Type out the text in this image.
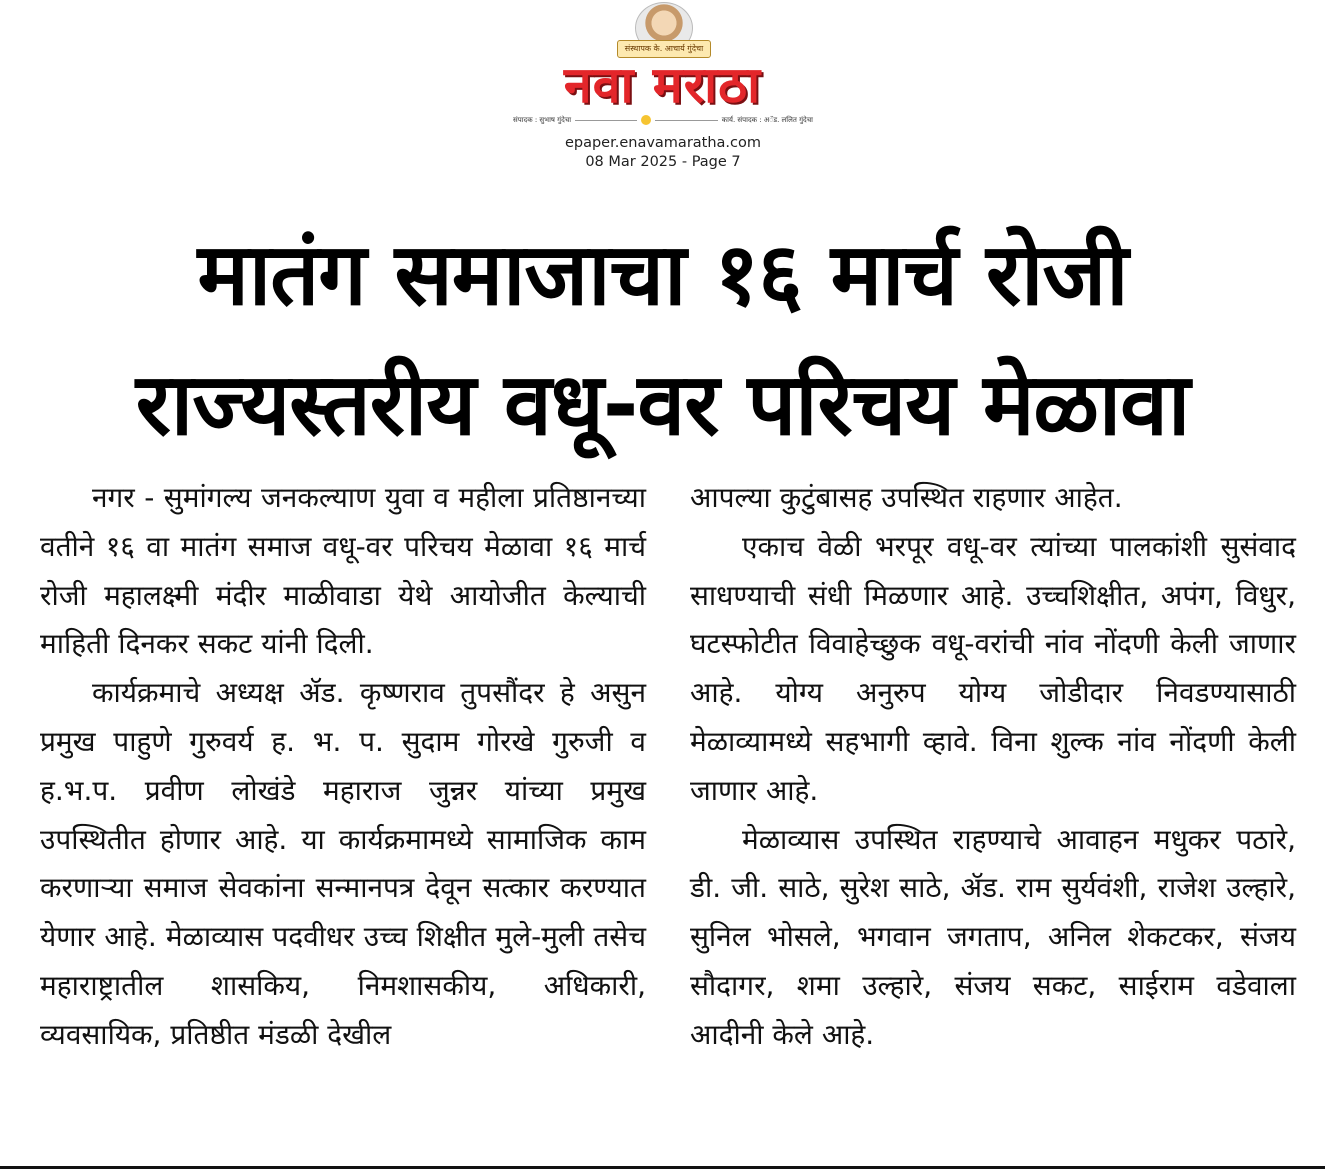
संस्थापक के. आचार्य गुंदेचा
नवा मराठा
संपादक : सुभाष गुंदेचा	कार्य. संपादक : अॅड. ललित गुंदेचा
epaper.enavamaratha.com
08 Mar 2025 - Page 7
मातंग समाजाचा १६ मार्च रोजी
राज्यस्तरीय वधू-वर परिचय मेळावा

नगर - सुमांगल्य जनकल्याण युवा व महीला प्रतिष्ठानच्या वतीने १६ वा मातंग समाज वधू-वर परिचय मेळावा १६ मार्च रोजी महालक्ष्मी मंदीर माळीवाडा येथे आयोजीत केल्याची माहिती दिनकर सकट यांनी दिली.

कार्यक्रमाचे अध्यक्ष ॲड. कृष्णराव तुपसौंदर हे असुन प्रमुख पाहुणे गुरुवर्य ह. भ. प. सुदाम गोरखे गुरुजी व ह.भ.प. प्रवीण लोखंडे महाराज जुन्नर यांच्या प्रमुख उपस्थितीत होणार आहे. या कार्यक्रमामध्ये सामाजिक काम करणाऱ्या समाज सेवकांना सन्मानपत्र देवून सत्कार करण्यात येणार आहे. मेळाव्यास पदवीधर उच्च शिक्षीत मुले-मुली तसेच महाराष्ट्रातील शासकिय, निमशासकीय, अधिकारी, व्यवसायिक, प्रतिष्ठीत मंडळी देखील

आपल्या कुटुंबासह उपस्थित राहणार आहेत.

एकाच वेळी भरपूर वधू-वर त्यांच्या पालकांशी सुसंवाद साधण्याची संधी मिळणार आहे. उच्चशिक्षीत, अपंग, विधुर, घटस्फोटीत विवाहेच्छुक वधू-वरांची नांव नोंदणी केली जाणार आहे. योग्य अनुरुप योग्य जोडीदार निवडण्यासाठी मेळाव्यामध्ये सहभागी व्हावे. विना शुल्क नांव नोंदणी केली जाणार आहे.

मेळाव्यास उपस्थित राहण्याचे आवाहन मधुकर पठारे, डी. जी. साठे, सुरेश साठे, ॲड. राम सुर्यवंशी, राजेश उल्हारे, सुनिल भोसले, भगवान जगताप, अनिल शेकटकर, संजय सौदागर, शमा उल्हारे, संजय सकट, साईराम वडेवाला आदीनी केले आहे.
